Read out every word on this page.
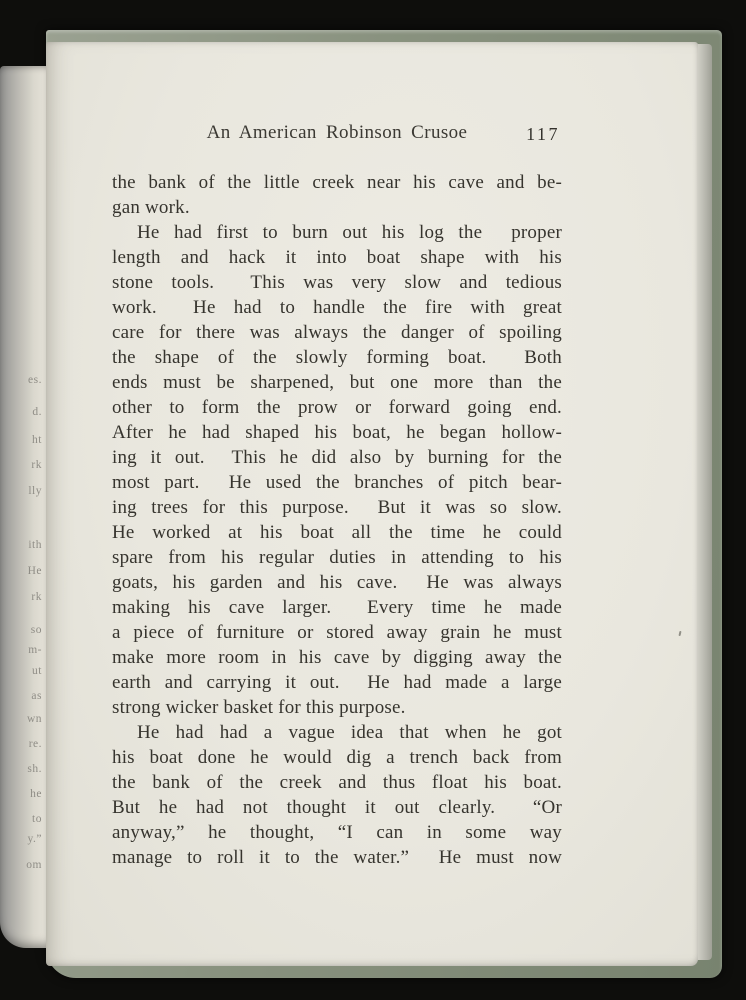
An American Robinson Crusoe	117
the bank of the little creek near his cave and be-
gan work.
He had first to burn out his log the  proper
length and hack it into boat shape with his
stone tools.  This was very slow and tedious
work.  He had to handle the fire with great
care for there was always the danger of spoiling
the shape of the slowly forming boat.  Both
ends must be sharpened, but one more than the
other to form the prow or forward going end.
After he had shaped his boat, he began hollow-
ing it out.  This he did also by burning for the
most part.  He used the branches of pitch bear-
ing trees for this purpose.  But it was so slow.
He worked at his boat all the time he could
spare from his regular duties in attending to his
goats, his garden and his cave.  He was always
making his cave larger.  Every time he made
a piece of furniture or stored away grain he must
make more room in his cave by digging away the
earth and carrying it out.  He had made a large
strong wicker basket for this purpose.
He had had a vague idea that when he got
his boat done he would dig a trench back from
the bank of the creek and thus float his boat.
But he had not thought it out clearly.  “Or
anyway,” he thought, “I can in some way
manage to roll it to the water.”  He must now
es.
d.
ht
rk
lly
ith
He
rk
so
m-
ut
as
wn
re.
sh.
he
to
y.”
om
